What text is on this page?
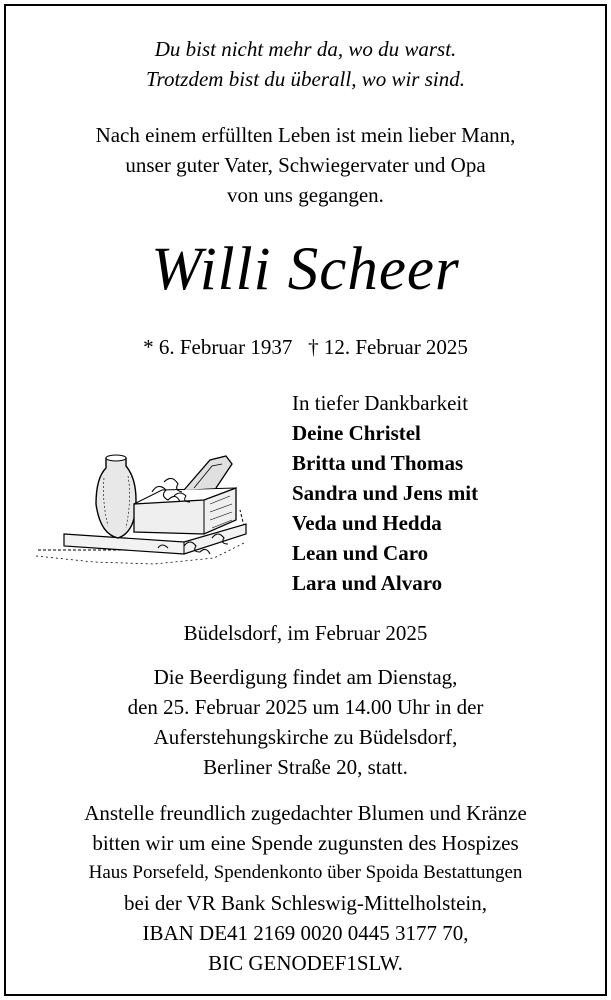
Du bist nicht mehr da, wo du warst.
Trotzdem bist du überall, wo wir sind.
Nach einem erfüllten Leben ist mein lieber Mann,
unser guter Vater, Schwiegervater und Opa
von uns gegangen.
Willi Scheer
* 6. Februar 1937 † 12. Februar 2025
In tiefer Dankbarkeit
Deine Christel
Britta und Thomas
Sandra und Jens mit
Veda und Hedda
Lean und Caro
Lara und Alvaro
Büdelsdorf, im Februar 2025
Die Beerdigung findet am Dienstag,
den 25. Februar 2025 um 14.00 Uhr in der
Auferstehungskirche zu Büdelsdorf,
Berliner Straße 20, statt.
Anstelle freundlich zugedachter Blumen und Kränze
bitten wir um eine Spende zugunsten des Hospizes
Haus Porsefeld, Spendenkonto über Spoida Bestattungen
bei der VR Bank Schleswig-Mittelholstein,
IBAN DE41 2169 0020 0445 3177 70,
BIC GENODEF1SLW.
